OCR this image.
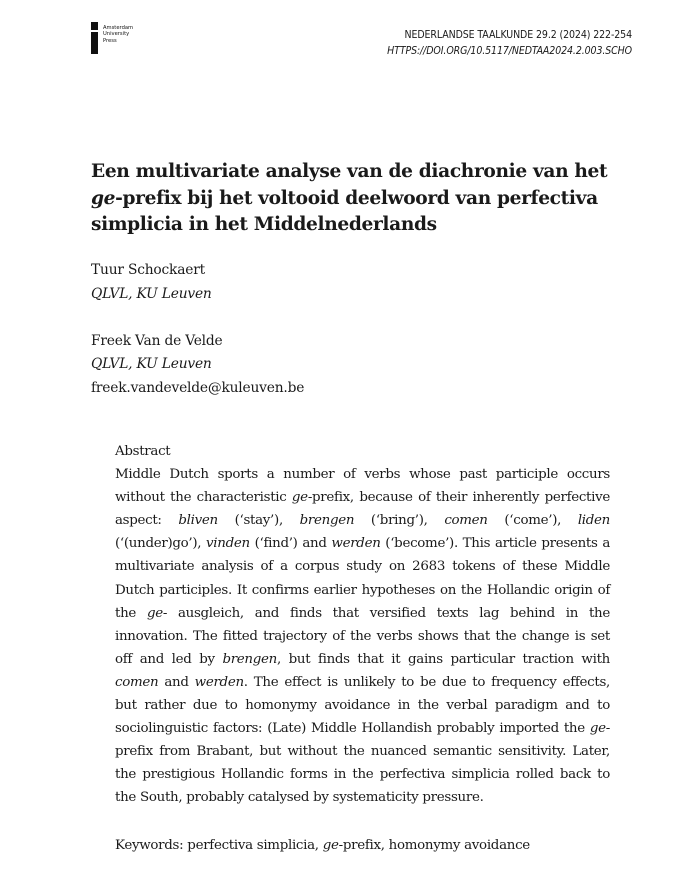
Amsterdam
University
Press	NEDERLANDSE TAALKUNDE 29.2 (2024) 222-254
HTTPS://DOI.ORG/10.5117/NEDTAA2024.2.003.SCHO
Een multivariate analyse van de diachronie van het
ge-prefix bij het voltooid deelwoord van perfectiva
simplicia in het Middelnederlands
Tuur Schockaert
QLVL, KU Leuven
Freek Van de Velde
QLVL, KU Leuven
freek.vandevelde@kuleuven.be
Abstract
Middle Dutch sports a number of verbs whose past participle occurs without the characteristic ge-prefix, because of their inherently perfective aspect: bliven (‘stay’), brengen (‘bring’), comen (‘come’), liden (‘(under)go’), vinden (‘find’) and werden (‘become’). This article presents a multivariate analysis of a corpus study on 2683 tokens of these Middle Dutch participles. It confirms earlier hypotheses on the Hollandic origin of the ge- ausgleich, and finds that versified texts lag behind in the innovation. The fitted trajectory of the verbs shows that the change is set off and led by brengen, but finds that it gains particular traction with comen and werden. The effect is unlikely to be due to frequency effects, but rather due to homonymy avoidance in the verbal paradigm and to sociolinguistic factors: (Late) Middle Hollandish probably imported the ge-prefix from Brabant, but without the nuanced semantic sensitivity. Later, the prestigious Hollandic forms in the perfectiva simplicia rolled back to the South, probably catalysed by systematicity pressure.
Keywords: perfectiva simplicia, ge-prefix, homonymy avoidance
